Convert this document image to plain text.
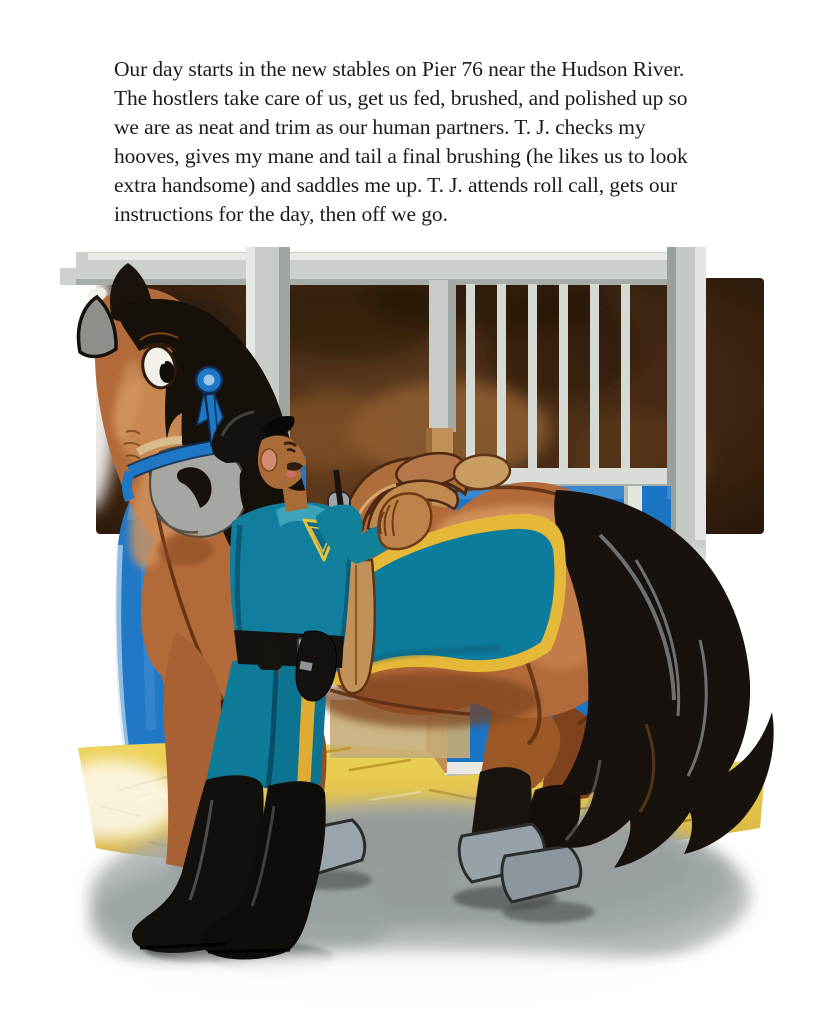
Our day starts in the new stables on Pier 76 near the Hudson River.
The hostlers take care of us, get us fed, brushed, and polished up so
we are as neat and trim as our human partners. T. J. checks my
hooves, gives my mane and tail a final brushing (he likes us to look
extra handsome) and saddles me up. T. J. attends roll call, gets our
instructions for the day, then off we go.
